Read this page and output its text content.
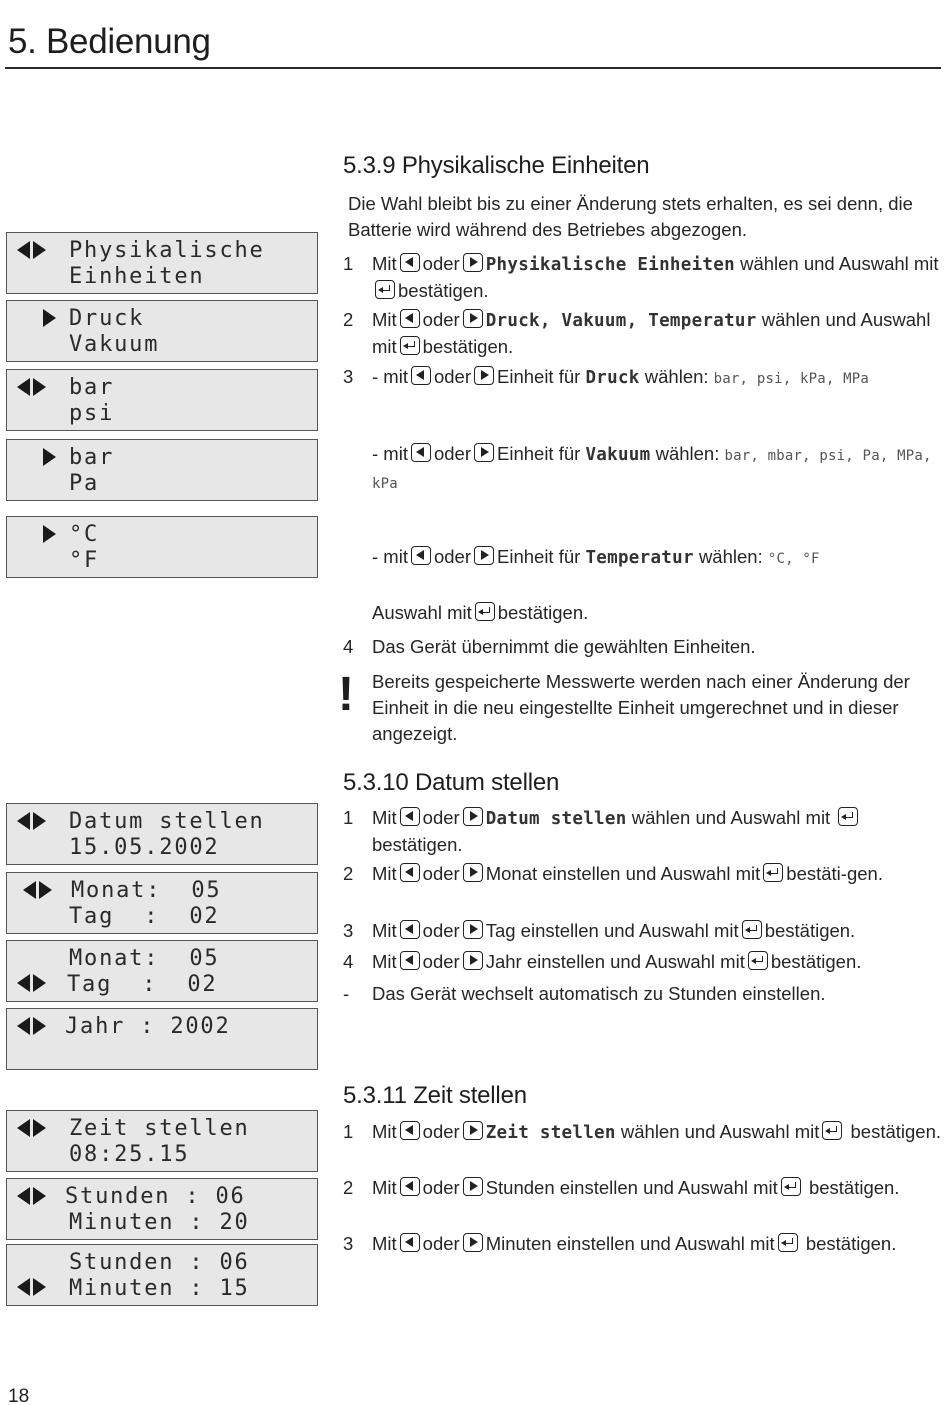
5. Bedienung
Physikalische
Einheiten
Druck
Vakuum
bar
psi
bar
Pa
°C
°F
Datum stellen
15.05.2002
Monat:  05
Tag  :  02
Monat:  05
Tag  :  02
Jahr : 2002
Zeit stellen
08:25.15
Stunden : 06
Minuten : 20
Stunden : 06
Minuten : 15
5.3.9 Physikalische Einheiten
Die Wahl bleibt bis zu einer Änderung stets erhalten, es sei denn, die Batterie wird während des Betriebes abgezogen.
1	Mit oder Physikalische Einheiten wählen und Auswahl mitbestätigen.
2	Mit oder Druck, Vakuum, Temperatur wählen und Auswahl mit bestätigen.
3	- mit oder Einheit für Druck wählen: bar, psi, kPa, MPa
- mit oder Einheit für Vakuum wählen: bar, mbar, psi, Pa, MPa, kPa
- mit oder Einheit für Temperatur wählen: °C, °F
Auswahl mit bestätigen.
4	Das Gerät übernimmt die gewählten Einheiten.
! Bereits gespeicherte Messwerte werden nach einer Änderung der Einheit in die neu eingestellte Einheit umgerechnet und in dieser angezeigt.
5.3.10 Datum stellen
1	Mit oder Datum stellen wählen und Auswahl mit bestätigen.
2	Mit oder Monat einstellen und Auswahl mit bestäti-gen.
3	Mit oder Tag einstellen und Auswahl mit bestätigen.
4	Mit oder Jahr einstellen und Auswahl mit bestätigen.
-	Das Gerät wechselt automatisch zu Stunden einstellen.
5.3.11 Zeit stellen
1	Mit oder Zeit stellen wählen und Auswahl mit bestätigen.
2	Mit oder Stunden einstellen und Auswahl mit bestätigen.
3	Mit oder Minuten einstellen und Auswahl mit bestätigen.
18
